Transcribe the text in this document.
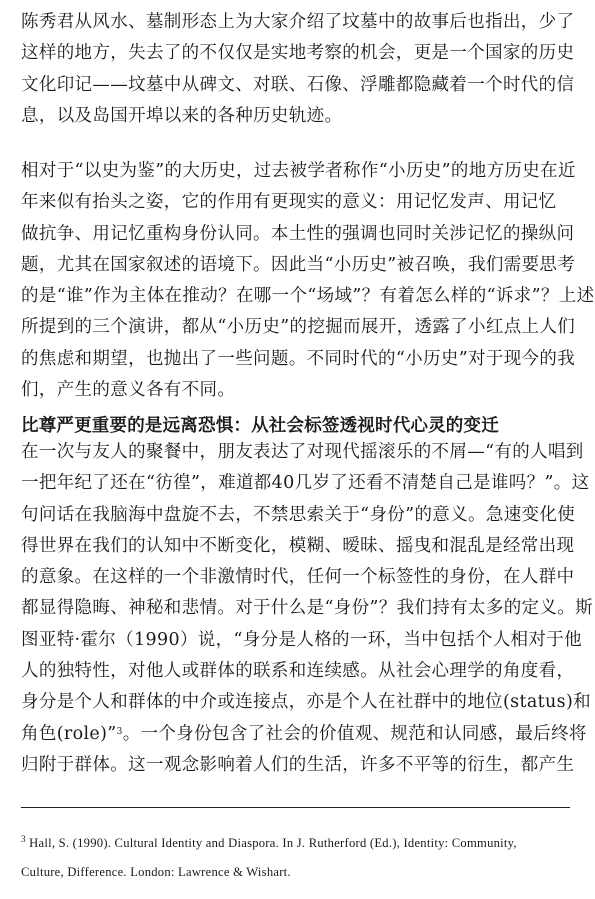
陈秀君从风水、墓制形态上为大家介绍了坟墓中的故事后也指出，少了
这样的地方，失去了的不仅仅是实地考察的机会，更是一个国家的历史
文化印记——坟墓中从碑文、对联、石像、浮雕都隐藏着一个时代的信
息，以及岛国开埠以来的各种历史轨迹。

相对于“以史为鉴”的大历史，过去被学者称作“小历史”的地方历史在近
年来似有抬头之姿，它的作用有更现实的意义：用记忆发声、用记忆
做抗争、用记忆重构身份认同。本土性的强调也同时关涉记忆的操纵问
题，尤其在国家叙述的语境下。因此当“小历史”被召唤，我们需要思考
的是“谁”作为主体在推动？在哪一个“场域”？有着怎么样的“诉求”？上述
所提到的三个演讲，都从“小历史”的挖掘而展开，透露了小红点上人们
的焦虑和期望，也抛出了一些问题。不同时代的“小历史”对于现今的我
们，产生的意义各有不同。

比尊严更重要的是远离恐惧：从社会标签透视时代心灵的变迁

在一次与友人的聚餐中，朋友表达了对现代摇滚乐的不屑—“有的人唱到
一把年纪了还在“彷徨”，难道都40几岁了还看不清楚自己是谁吗？”。这
句问话在我脑海中盘旋不去，不禁思索关于“身份”的意义。急速变化使
得世界在我们的认知中不断变化，模糊、暧昧、摇曳和混乱是经常出现
的意象。在这样的一个非激情时代，任何一个标签性的身份，在人群中
都显得隐晦、神秘和悲情。对于什么是“身份”？我们持有太多的定义。斯
图亚特·霍尔（1990）说，“身分是人格的一环，当中包括个人相对于他
人的独特性，对他人或群体的联系和连续感。从社会心理学的角度看，
身分是个人和群体的中介或连接点，亦是个人在社群中的地位(status)和
角色(role)”$^3$。一个身份包含了社会的价值观、规范和认同感，最后终将
归附于群体。这一观念影响着人们的生活，许多不平等的衍生，都产生

$^3$ Hall, S. (1990). Cultural Identity and Diaspora. In J. Rutherford (Ed.), Identity: Community,
Culture, Difference. London: Lawrence & Wishart.
